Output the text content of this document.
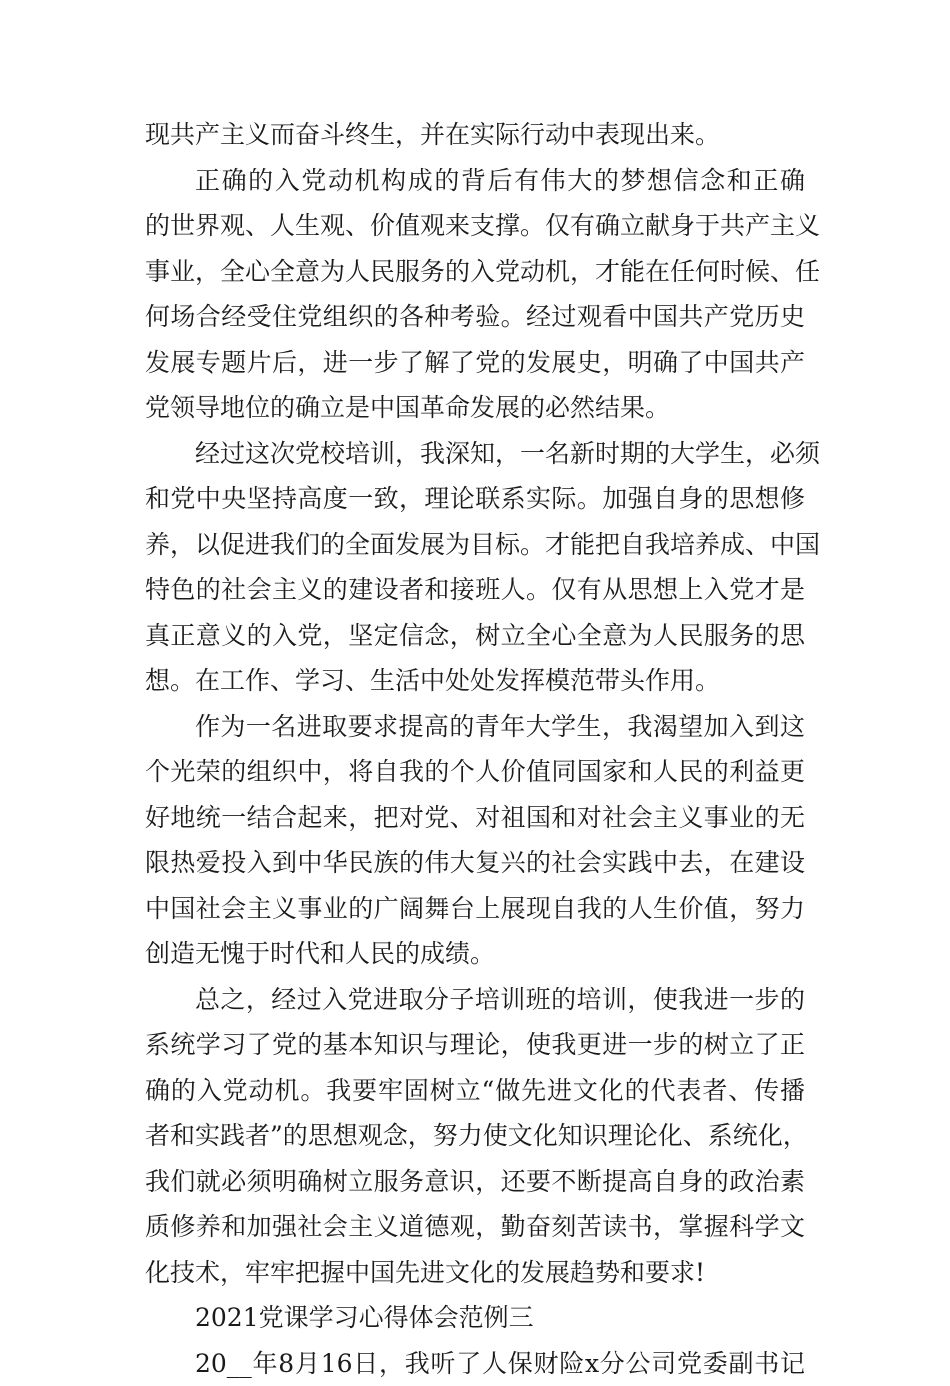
现共产主义而奋斗终生，并在实际行动中表现出来。

正确的入党动机构成的背后有伟大的梦想信念和正确
的世界观、人生观、价值观来支撑。仅有确立献身于共产主义
事业，全心全意为人民服务的入党动机，才能在任何时候、任
何场合经受住党组织的各种考验。经过观看中国共产党历史
发展专题片后，进一步了解了党的发展史，明确了中国共产
党领导地位的确立是中国革命发展的必然结果。

经过这次党校培训，我深知，一名新时期的大学生，必须
和党中央坚持高度一致，理论联系实际。加强自身的思想修
养，以促进我们的全面发展为目标。才能把自我培养成、中国
特色的社会主义的建设者和接班人。仅有从思想上入党才是
真正意义的入党，坚定信念，树立全心全意为人民服务的思
想。在工作、学习、生活中处处发挥模范带头作用。

作为一名进取要求提高的青年大学生，我渴望加入到这
个光荣的组织中，将自我的个人价值同国家和人民的利益更
好地统一结合起来，把对党、对祖国和对社会主义事业的无
限热爱投入到中华民族的伟大复兴的社会实践中去，在建设
中国社会主义事业的广阔舞台上展现自我的人生价值，努力
创造无愧于时代和人民的成绩。

总之，经过入党进取分子培训班的培训，使我进一步的
系统学习了党的基本知识与理论，使我更进一步的树立了正
确的入党动机。我要牢固树立“做先进文化的代表者、传播
者和实践者”的思想观念，努力使文化知识理论化、系统化，
我们就必须明确树立服务意识，还要不断提高自身的政治素
质修养和加强社会主义道德观，勤奋刻苦读书，掌握科学文
化技术，牢牢把握中国先进文化的发展趋势和要求!

2021党课学习心得体会范例三

20__年8月16日，我听了人保财险x分公司党委副书记
